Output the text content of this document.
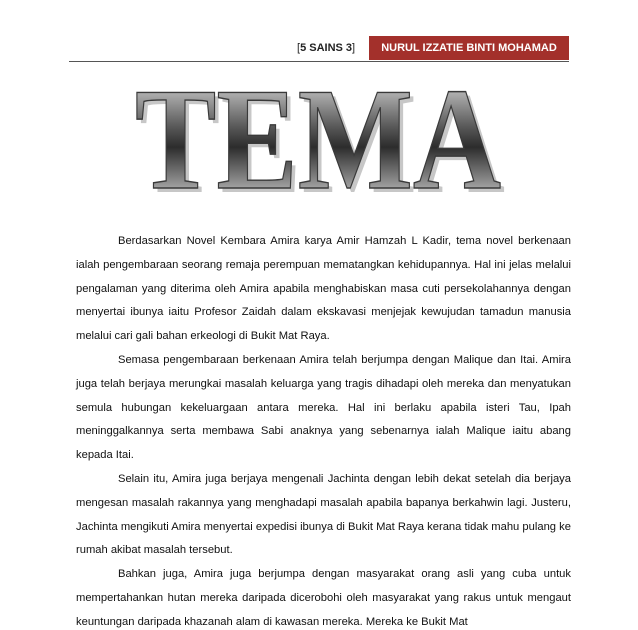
[5 SAINS 3]	NURUL IZZATIE BINTI MOHAMAD
TEMA
TEMA

Berdasarkan Novel Kembara Amira karya Amir Hamzah L Kadir, tema novel berkenaan ialah pengembaraan seorang remaja perempuan mematangkan kehidupannya. Hal ini jelas melalui pengalaman yang diterima oleh Amira apabila menghabiskan masa cuti persekolahannya dengan menyertai ibunya iaitu Profesor Zaidah dalam ekskavasi menjejak kewujudan tamadun manusia melalui cari gali bahan erkeologi di Bukit Mat Raya.

Semasa pengembaraan berkenaan Amira telah berjumpa dengan Malique dan Itai. Amira juga telah berjaya merungkai masalah keluarga yang tragis dihadapi oleh mereka dan menyatukan semula hubungan kekeluargaan antara mereka. Hal ini berlaku apabila isteri Tau, Ipah meninggalkannya serta membawa Sabi anaknya yang sebenarnya ialah Malique iaitu abang kepada Itai.

Selain itu, Amira juga berjaya mengenali Jachinta dengan lebih dekat setelah dia berjaya mengesan masalah rakannya yang menghadapi masalah apabila bapanya berkahwin lagi. Justeru, Jachinta mengikuti Amira menyertai expedisi ibunya di Bukit Mat Raya kerana tidak mahu pulang ke rumah akibat masalah tersebut.

Bahkan juga, Amira juga berjumpa dengan masyarakat orang asli yang cuba untuk mempertahankan hutan mereka daripada dicerobohi oleh masyarakat yang rakus untuk mengaut keuntungan daripada khazanah alam di kawasan mereka. Mereka ke Bukit Mat
